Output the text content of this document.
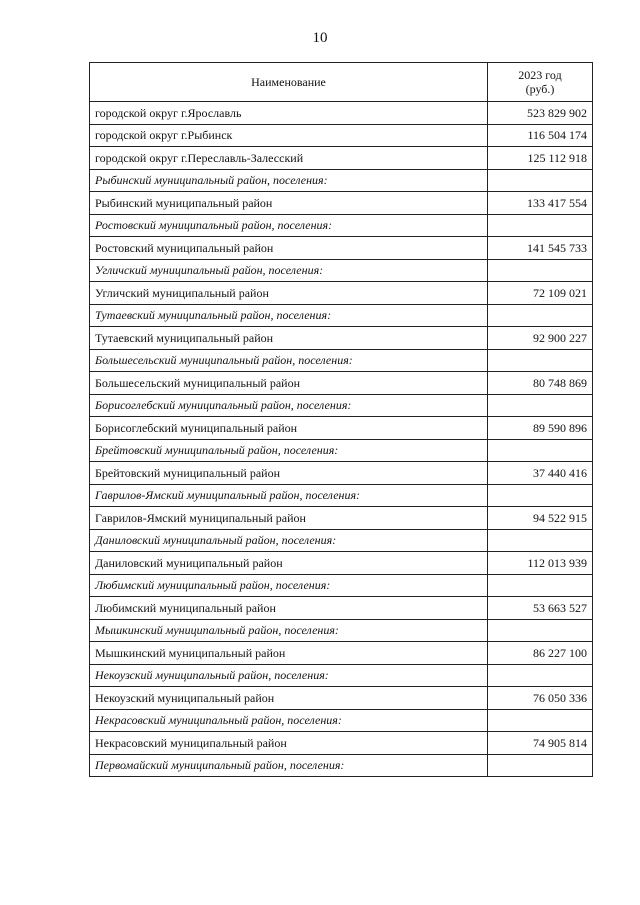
10
Наименование	2023 год
(руб.)
городской округ г.Ярославль	523 829 902
городской округ г.Рыбинск	116 504 174
городской округ г.Переславль-Залесский	125 112 918
Рыбинский муниципальный район, поселения:	
Рыбинский муниципальный район	133 417 554
Ростовский муниципальный район, поселения:	
Ростовский муниципальный район	141 545 733
Угличский муниципальный район, поселения:	
Угличский муниципальный район	72 109 021
Тутаевский муниципальный район, поселения:	
Тутаевский муниципальный район	92 900 227
Большесельский муниципальный район, поселения:	
Большесельский муниципальный район	80 748 869
Борисоглебский муниципальный район, поселения:	
Борисоглебский муниципальный район	89 590 896
Брейтовский муниципальный район, поселения:	
Брейтовский муниципальный район	37 440 416
Гаврилов-Ямский муниципальный район, поселения:	
Гаврилов-Ямский муниципальный район	94 522 915
Даниловский муниципальный район, поселения:	
Даниловский муниципальный район	112 013 939
Любимский муниципальный район, поселения:	
Любимский муниципальный район	53 663 527
Мышкинский муниципальный район, поселения:	
Мышкинский муниципальный район	86 227 100
Некоузский муниципальный район, поселения:	
Некоузский муниципальный район	76 050 336
Некрасовский муниципальный район, поселения:	
Некрасовский муниципальный район	74 905 814
Первомайский муниципальный район, поселения:	
